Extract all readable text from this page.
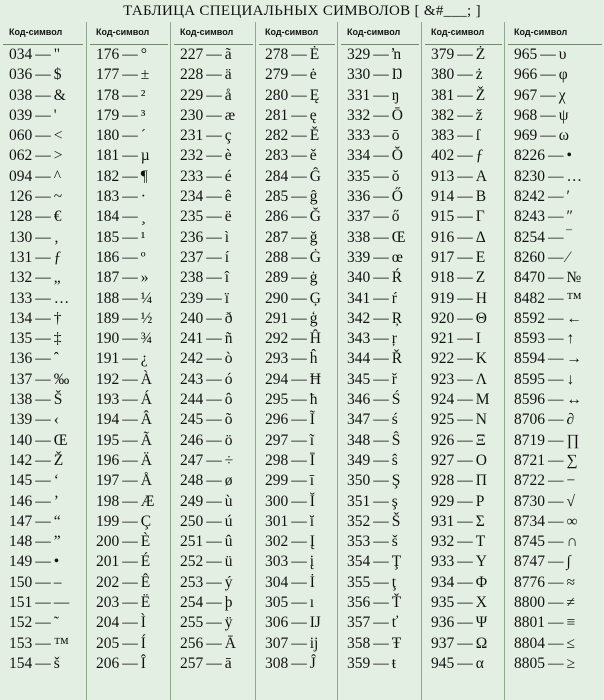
ТАБЛИЦА СПЕЦИАЛЬНЫХ СИМВОЛОВ [ &#___; ]
Код-символ
034 — "
036 — $
038 — &
039 — '
060 — <
062 — >
094 — ^
126 — ~
128 — €
130 — ‚
131 — ƒ
132 — „
133 — …
134 — †
135 — ‡
136 — ˆ
137 — ‰
138 — Š
139 — ‹
140 — Œ
142 — Ž
145 — ‘
146 — ’
147 — “
148 — ”
149 — •
150 — –
151 — —
152 — ˜
153 — ™
154 — š
Код-символ
176 — °
177 — ±
178 — ²
179 — ³
180 — ´
181 — µ
182 — ¶
183 — ·
184 — ¸
185 — ¹
186 — º
187 — »
188 — ¼
189 — ½
190 — ¾
191 — ¿
192 — À
193 — Á
194 — Â
195 — Ã
196 — Ä
197 — Å
198 — Æ
199 — Ç
200 — È
201 — É
202 — Ê
203 — Ë
204 — Ì
205 — Í
206 — Î
Код-символ
227 — ã
228 — ä
229 — å
230 — æ
231 — ç
232 — è
233 — é
234 — ê
235 — ë
236 — ì
237 — í
238 — î
239 — ï
240 — ð
241 — ñ
242 — ò
243 — ó
244 — ô
245 — õ
246 — ö
247 — ÷
248 — ø
249 — ù
250 — ú
251 — û
252 — ü
253 — ý
254 — þ
255 — ÿ
256 — Ā
257 — ā
Код-символ
278 — Ė
279 — ė
280 — Ę
281 — ę
282 — Ě
283 — ě
284 — Ĝ
285 — ĝ
286 — Ğ
287 — ğ
288 — Ġ
289 — ġ
290 — Ģ
291 — ģ
292 — Ĥ
293 — ĥ
294 — Ħ
295 — ħ
296 — Ĩ
297 — ĩ
298 — Ī
299 — ī
300 — Ĭ
301 — ĭ
302 — Į
303 — į
304 — İ
305 — ı
306 — Ĳ
307 — ĳ
308 — Ĵ
Код-символ
329 — ŉ
330 — Ŋ
331 — ŋ
332 — Ō
333 — ō
334 — Ŏ
335 — ŏ
336 — Ő
337 — ő
338 — Œ
339 — œ
340 — Ŕ
341 — ŕ
342 — Ŗ
343 — ŗ
344 — Ř
345 — ř
346 — Ś
347 — ś
348 — Ŝ
349 — ŝ
350 — Ş
351 — ş
352 — Š
353 — š
354 — Ţ
355 — ţ
356 — Ť
357 — ť
358 — Ŧ
359 — ŧ
Код-символ
379 — Ż
380 — ż
381 — Ž
382 — ž
383 — ſ
402 — ƒ
913 — Α
914 — Β
915 — Γ
916 — Δ
917 — Ε
918 — Ζ
919 — Η
920 — Θ
921 — Ι
922 — Κ
923 — Λ
924 — Μ
925 — Ν
926 — Ξ
927 — Ο
928 — Π
929 — Ρ
931 — Σ
932 — Τ
933 — Υ
934 — Φ
935 — Χ
936 — Ψ
937 — Ω
945 — α
Код-символ
965 — υ
966 — φ
967 — χ
968 — ψ
969 — ω
8226 — •
8230 — …
8242 — ′
8243 — ″
8254 — ‾
8260 — ⁄
8470 — №
8482 — ™
8592 — ←
8593 — ↑
8594 — →
8595 — ↓
8596 — ↔
8706 — ∂
8719 — ∏
8721 — ∑
8722 — −
8730 — √
8734 — ∞
8745 — ∩
8747 — ∫
8776 — ≈
8800 — ≠
8801 — ≡
8804 — ≤
8805 — ≥
